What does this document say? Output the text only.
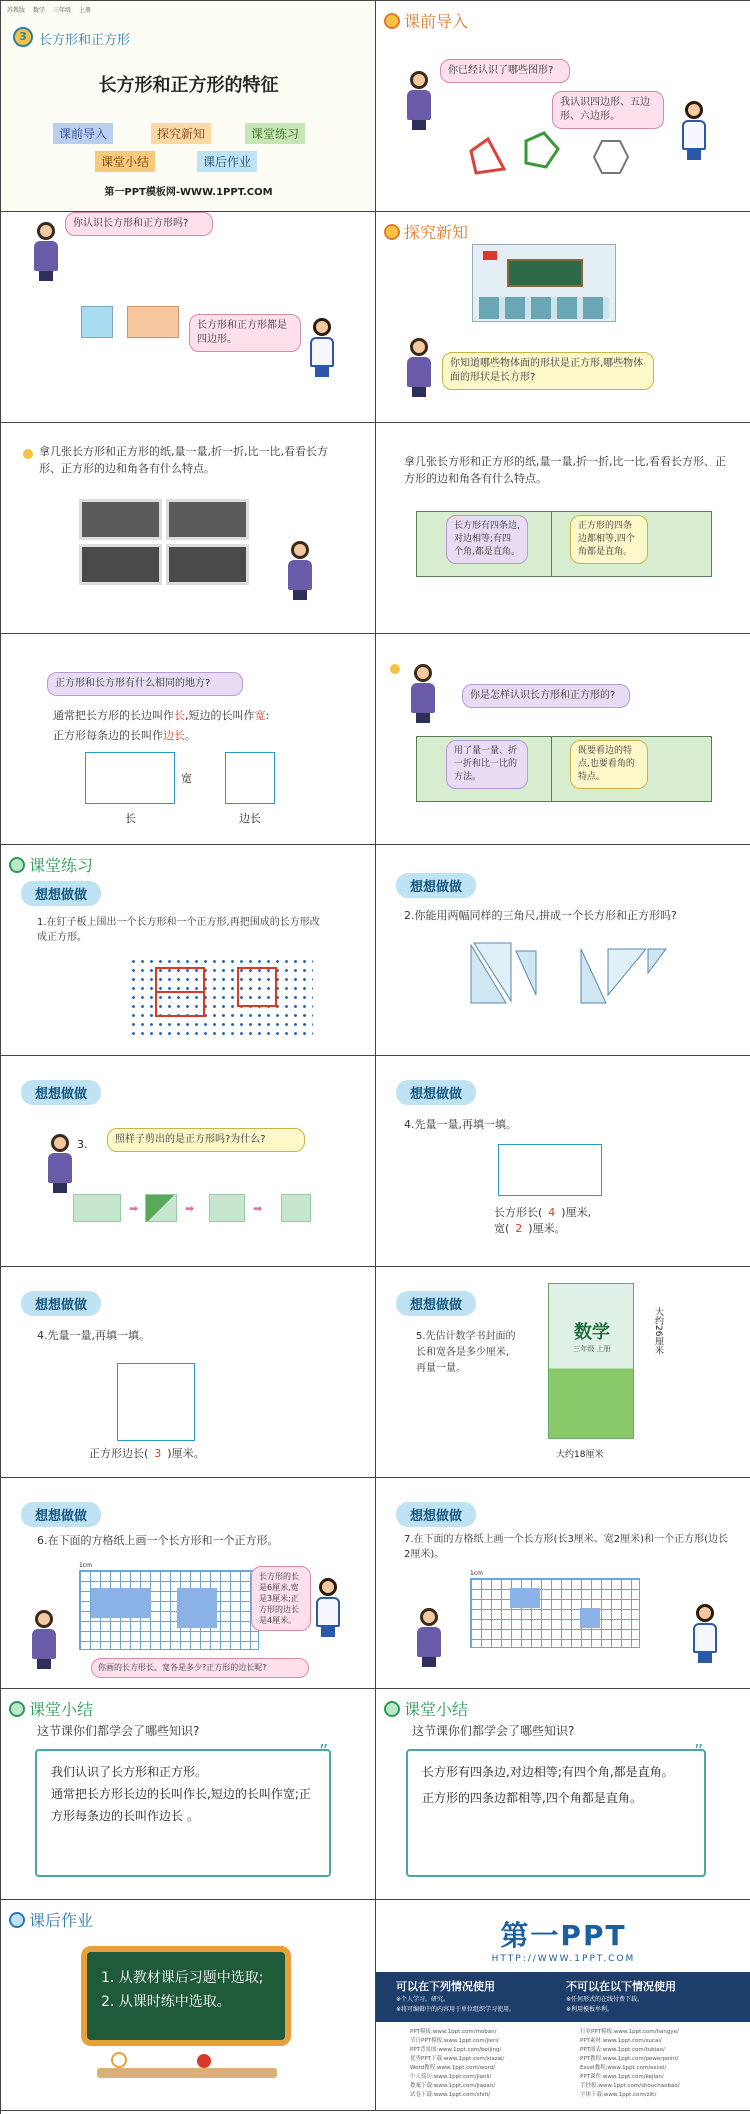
苏教版 数学 三年级 上册
3 长方形和正方形
长方形和正方形的特征
课前导入	探究新知	课堂练习
课堂小结	课后作业
第一PPT模板网-WWW.1PPT.COM
课前导入
你已经认识了哪些图形?
我认识四边形、五边形、六边形。
你认识长方形和正方形吗?
长方形和正方形都是四边形。
探究新知
你知道哪些物体面的形状是正方形,哪些物体面的形状是长方形?
拿几张长方形和正方形的纸,量一量,折一折,比一比,看看长方形、正方形的边和角各有什么特点。
拿几张长方形和正方形的纸,量一量,折一折,比一比,看看长方形、正方形的边和角各有什么特点。
长方形有四条边,对边相等;有四个角,都是直角。
正方形的四条边都相等,四个角都是直角。
正方形和长方形有什么相同的地方?
通常把长方形的长边叫作长,短边的长叫作宽:
正方形每条边的长叫作边长。
宽
长	边长
你是怎样认识长方形和正方形的?
用了量一量、折一折和比一比的方法。
既要看边的特点,也要看角的特点。
课堂练习
想想做做
1.在钉子板上围出一个长方形和一个正方形,再把围成的长方形改成正方形。
想想做做
2.你能用两幅同样的三角尺,拼成一个长方形和正方形吗?
想想做做
3.	照样子剪出的是正方形吗?为什么?
➡	➡	➡
想想做做
4.先量一量,再填一填。
长方形长( 4 )厘米,
宽( 2 )厘米。
想想做做
4.先量一量,再填一填。
正方形边长( 3 )厘米。
想想做做
5.先估计数学书封面的长和宽各是多少厘米,再量一量。
数学
三年级 上册	大约26厘米
大约18厘米
想想做做
6.在下面的方格纸上画一个长方形和一个正方形。
1cm
长方形的长是6厘米,宽是3厘米;正方形的边长是4厘米。
你画的长方形长、宽各是多少?正方形的边长呢?
想想做做
7.在下面的方格纸上画一个长方形(长3厘米、宽2厘米)和一个正方形(边长2厘米)。
1cm
课堂小结
这节课你们都学会了哪些知识?
我们认识了长方形和正方形。
通常把长方形长边的长叫作长,短边的长叫作宽;正方形每条边的长叫作边长 。
”
课堂小结
这节课你们都学会了哪些知识?
长方形有四条边,对边相等;有四个角,都是直角。
正方形的四条边都相等,四个角都是直角。
”
课后作业
1. 从教材课后习题中选取;
2. 从课时练中选取。
第一PPT
HTTP://WWW.1PPT.COM
可以在下列情况使用
※个人学习、研究。
※将可编辑中的内容用于单位组织学习使用。
不可以在以下情况使用
※任何形式的在线付费下载。
※利用模板牟利。
PPT模板:www.1ppt.com/moban/
节日PPT模板:www.1ppt.com/jieri/
PPT背景图:www.1ppt.com/beijing/
优秀PPT下载:www.1ppt.com/xiazai/
Word教程:www.1ppt.com/word/
个人简历:www.1ppt.com/jianli/
教案下载:www.1ppt.com/jiaoan/
试卷下载:www.1ppt.com/shiti/
行业PPT模板:www.1ppt.com/hangye/
PPT素材:www.1ppt.com/sucai/
PPT图表:www.1ppt.com/tubiao/
PPT教程:www.1ppt.com/powerpoint/
Excel教程:www.1ppt.com/excel/
PPT课件:www.1ppt.com/kejian/
手抄报:www.1ppt.com/shouchaobao/
字体下载:www.1ppt.com/ziti/
